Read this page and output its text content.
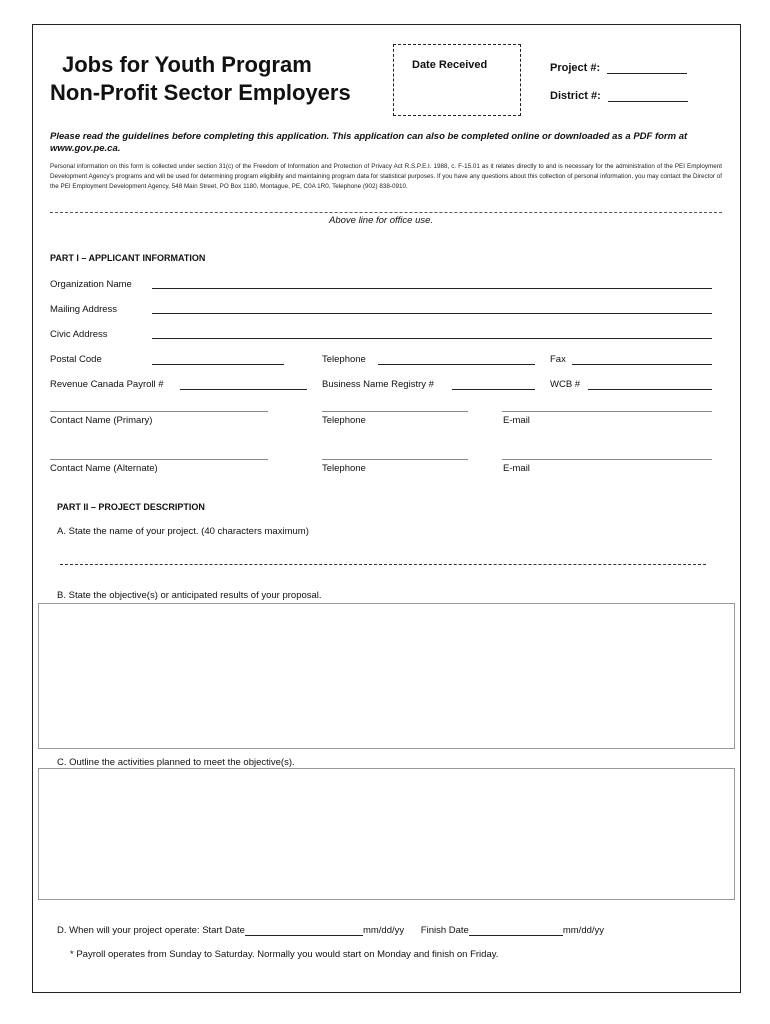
Jobs for Youth Program
Non-Profit Sector Employers
Date Received	Project #:
District #:
Please read the guidelines before completing this application. This application can also be completed online or downloaded as a PDF form at www.gov.pe.ca.
Personal information on this form is collected under section 31(c) of the Freedom of Information and Protection of Privacy Act R.S.P.E.I. 1988, c. F-15.01 as it relates directly to and is necessary for the administration of the PEI Employment Development Agency's programs and will be used for determining program eligibility and maintaining program data for statistical purposes. If you have any questions about this collection of personal information, you may contact the Director of the PEI Employment Development Agency, 548 Main Street, PO Box 1180, Montague, PE, C0A 1R0, Telephone (902) 838-0910.
Above line for office use.
PART I – APPLICANT INFORMATION
Organization Name
Mailing Address
Civic Address
Postal Code	Telephone	Fax
Revenue Canada Payroll #	Business Name Registry #	WCB #
Contact Name (Primary)	Telephone	E-mail
Contact Name (Alternate)	Telephone	E-mail
PART II – PROJECT DESCRIPTION
A. State the name of your project. (40 characters maximum)
B. State the objective(s) or anticipated results of your proposal.
C. Outline the activities planned to meet the objective(s).
D. When will your project operate: Start Date	mm/dd/yy Finish Date	mm/dd/yy
* Payroll operates from Sunday to Saturday. Normally you would start on Monday and finish on Friday.
